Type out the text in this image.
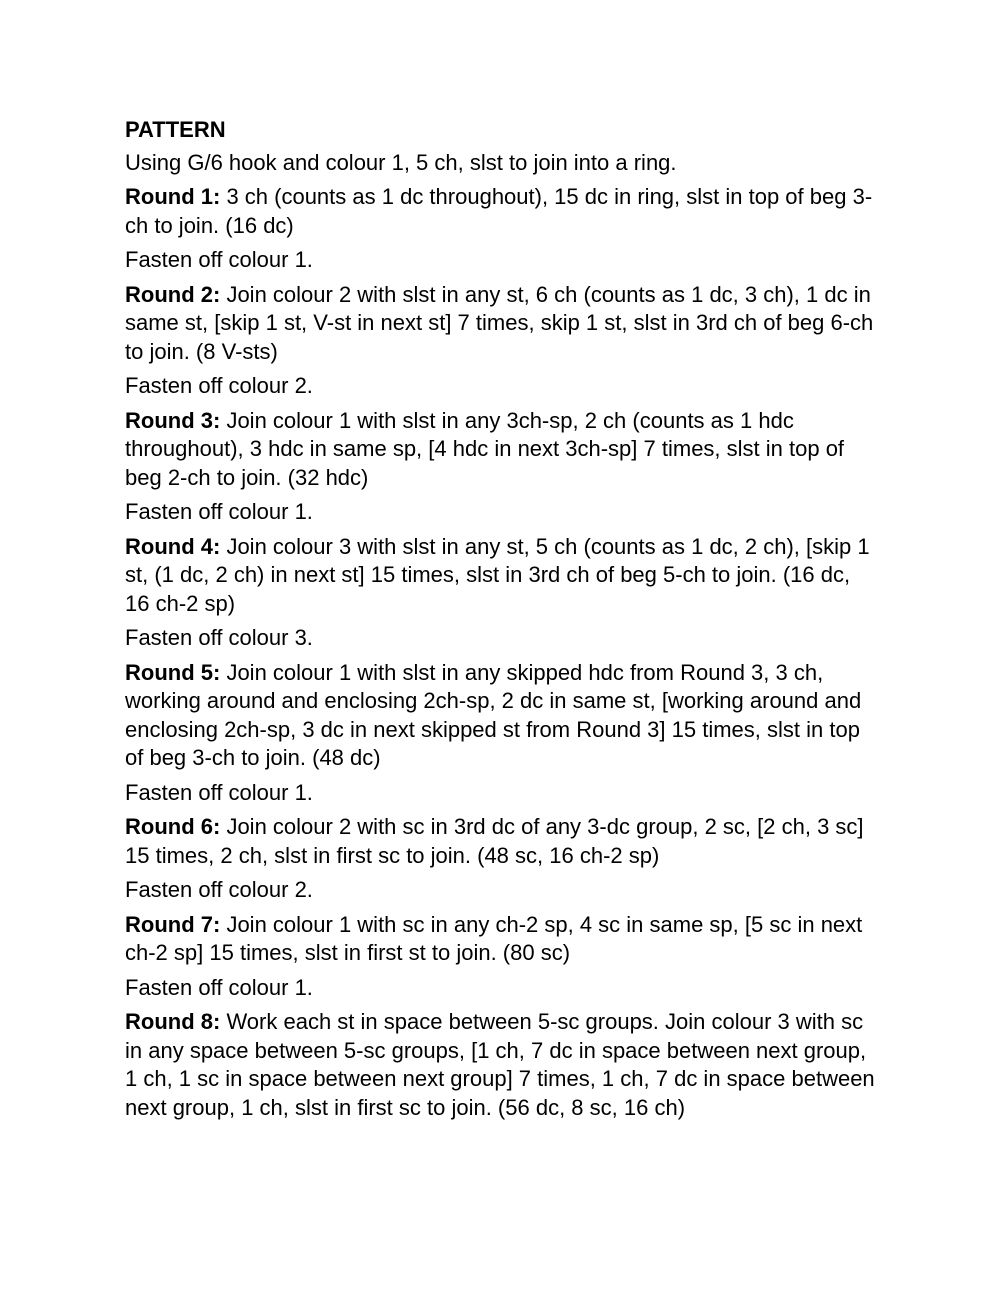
PATTERN
Using G/6 hook and colour 1, 5 ch, slst to join into a ring.
Round 1: 3 ch (counts as 1 dc throughout), 15 dc in ring, slst in top of beg 3-ch to join. (16 dc)
Fasten off colour 1.
Round 2: Join colour 2 with slst in any st, 6 ch (counts as 1 dc, 3 ch), 1 dc in same st, [skip 1 st, V-st in next st] 7 times, skip 1 st, slst in 3rd ch of beg 6-ch to join. (8 V-sts)
Fasten off colour 2.
Round 3: Join colour 1 with slst in any 3ch-sp, 2 ch (counts as 1 hdc throughout), 3 hdc in same sp, [4 hdc in next 3ch-sp] 7 times, slst in top of beg 2-ch to join. (32 hdc)
Fasten off colour 1.
Round 4: Join colour 3 with slst in any st, 5 ch (counts as 1 dc, 2 ch), [skip 1 st, (1 dc, 2 ch) in next st] 15 times, slst in 3rd ch of beg 5-ch to join. (16 dc, 16 ch-2 sp)
Fasten off colour 3.
Round 5: Join colour 1 with slst in any skipped hdc from Round 3, 3 ch, working around and enclosing 2ch-sp, 2 dc in same st, [working around and enclosing 2ch-sp, 3 dc in next skipped st from Round 3] 15 times, slst in top of beg 3-ch to join. (48 dc)
Fasten off colour 1.
Round 6: Join colour 2 with sc in 3rd dc of any 3-dc group, 2 sc, [2 ch, 3 sc] 15 times, 2 ch, slst in first sc to join. (48 sc, 16 ch-2 sp)
Fasten off colour 2.
Round 7: Join colour 1 with sc in any ch-2 sp, 4 sc in same sp, [5 sc in next ch-2 sp] 15 times, slst in first st to join. (80 sc)
Fasten off colour 1.
Round 8: Work each st in space between 5-sc groups. Join colour 3 with sc in any space between 5-sc groups, [1 ch, 7 dc in space between next group, 1 ch, 1 sc in space between next group] 7 times, 1 ch, 7 dc in space between next group, 1 ch, slst in first sc to join. (56 dc, 8 sc, 16 ch)
